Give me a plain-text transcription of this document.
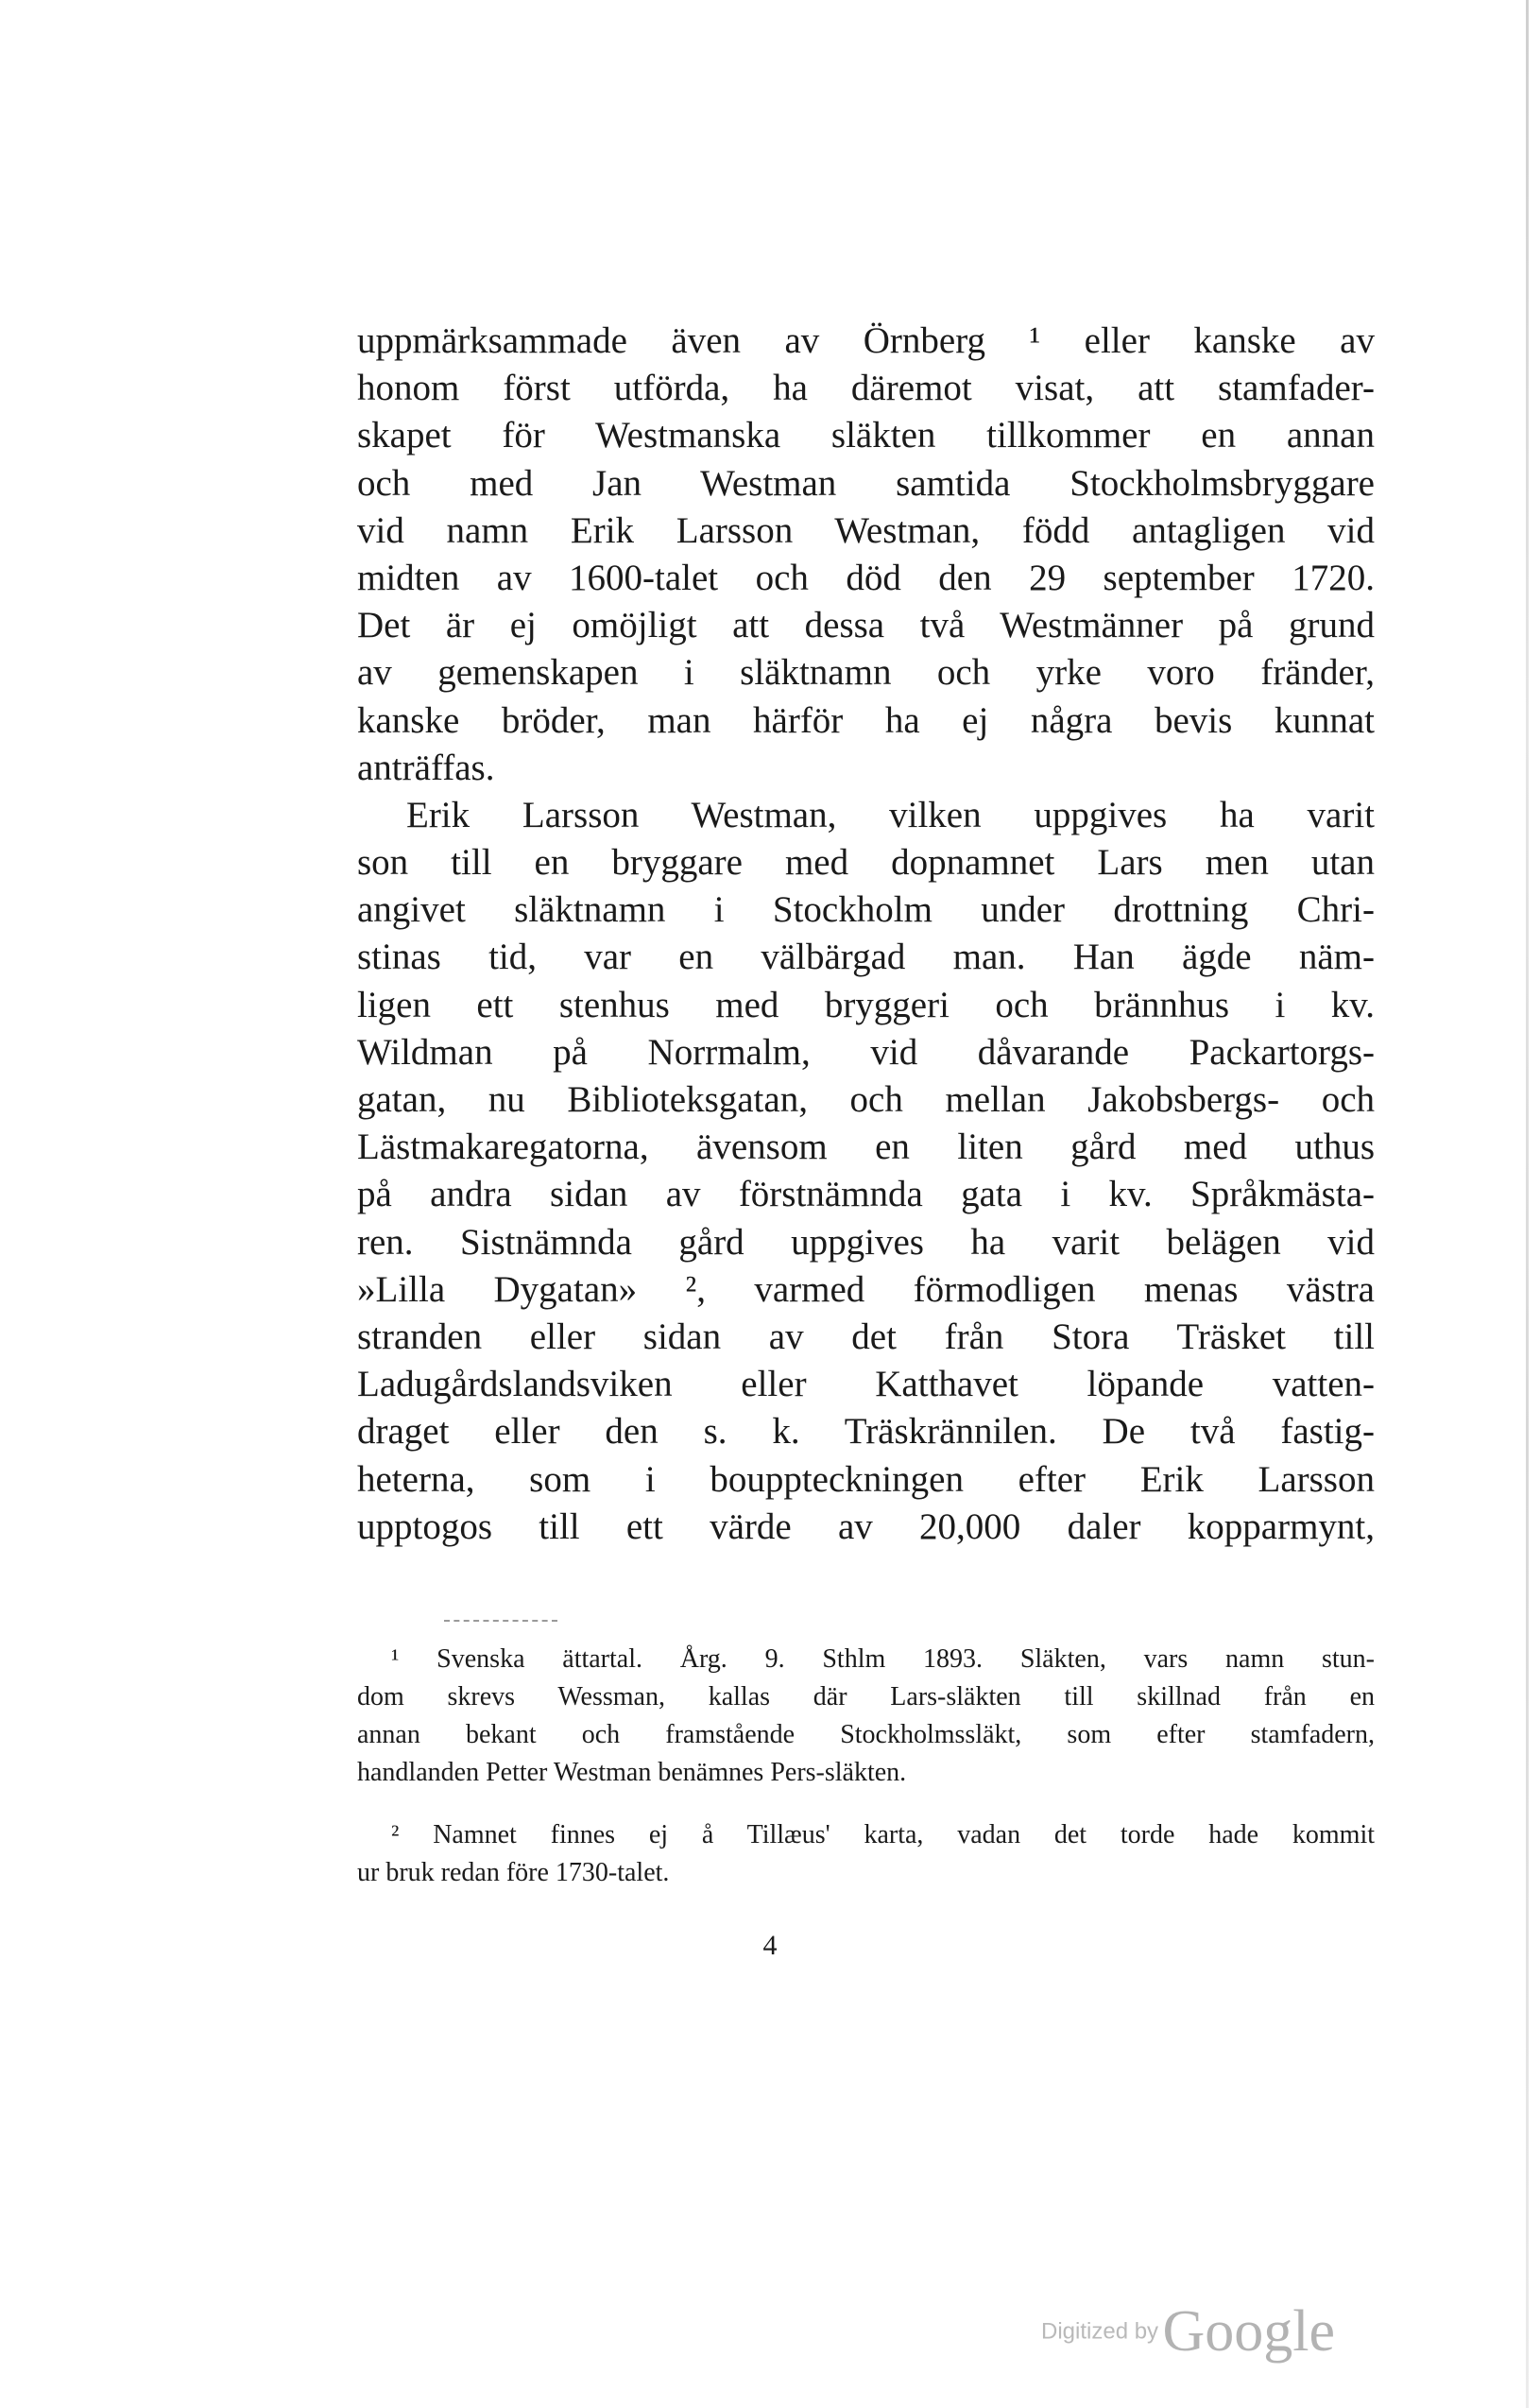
uppmärksammade även av Örnberg ¹ eller kanske av
honom först utförda, ha däremot visat, att stamfader-
skapet för Westmanska släkten tillkommer en annan
och med Jan Westman samtida Stockholmsbryggare
vid namn Erik Larsson Westman, född antagligen vid
midten av 1600-talet och död den 29 september 1720.
Det är ej omöjligt att dessa två Westmänner på grund
av gemenskapen i släktnamn och yrke voro fränder,
kanske bröder, man härför ha ej några bevis kunnat
anträffas.
Erik Larsson Westman, vilken uppgives ha varit
son till en bryggare med dopnamnet Lars men utan
angivet släktnamn i Stockholm under drottning Chri-
stinas tid, var en välbärgad man. Han ägde näm-
ligen ett stenhus med bryggeri och brännhus i kv.
Wildman på Norrmalm, vid dåvarande Packartorgs-
gatan, nu Biblioteksgatan, och mellan Jakobsbergs- och
Lästmakaregatorna, ävensom en liten gård med uthus
på andra sidan av förstnämnda gata i kv. Språkmästa-
ren. Sistnämnda gård uppgives ha varit belägen vid
»Lilla Dygatan» ², varmed förmodligen menas västra
stranden eller sidan av det från Stora Träsket till
Ladugårdslandsviken eller Katthavet löpande vatten-
draget eller den s. k. Träskrännilen. De två fastig-
heterna, som i bouppteckningen efter Erik Larsson
upptogos till ett värde av 20,000 daler kopparmynt,
¹ Svenska ättartal. Årg. 9. Sthlm 1893. Släkten, vars namn stun-
dom skrevs Wessman, kallas där Lars-släkten till skillnad från en
annan bekant och framstående Stockholmssläkt, som efter stamfadern,
handlanden Petter Westman benämnes Pers-släkten.
² Namnet finnes ej å Tillæus' karta, vadan det torde hade kommit
ur bruk redan före 1730-talet.
4
Digitized by Google
